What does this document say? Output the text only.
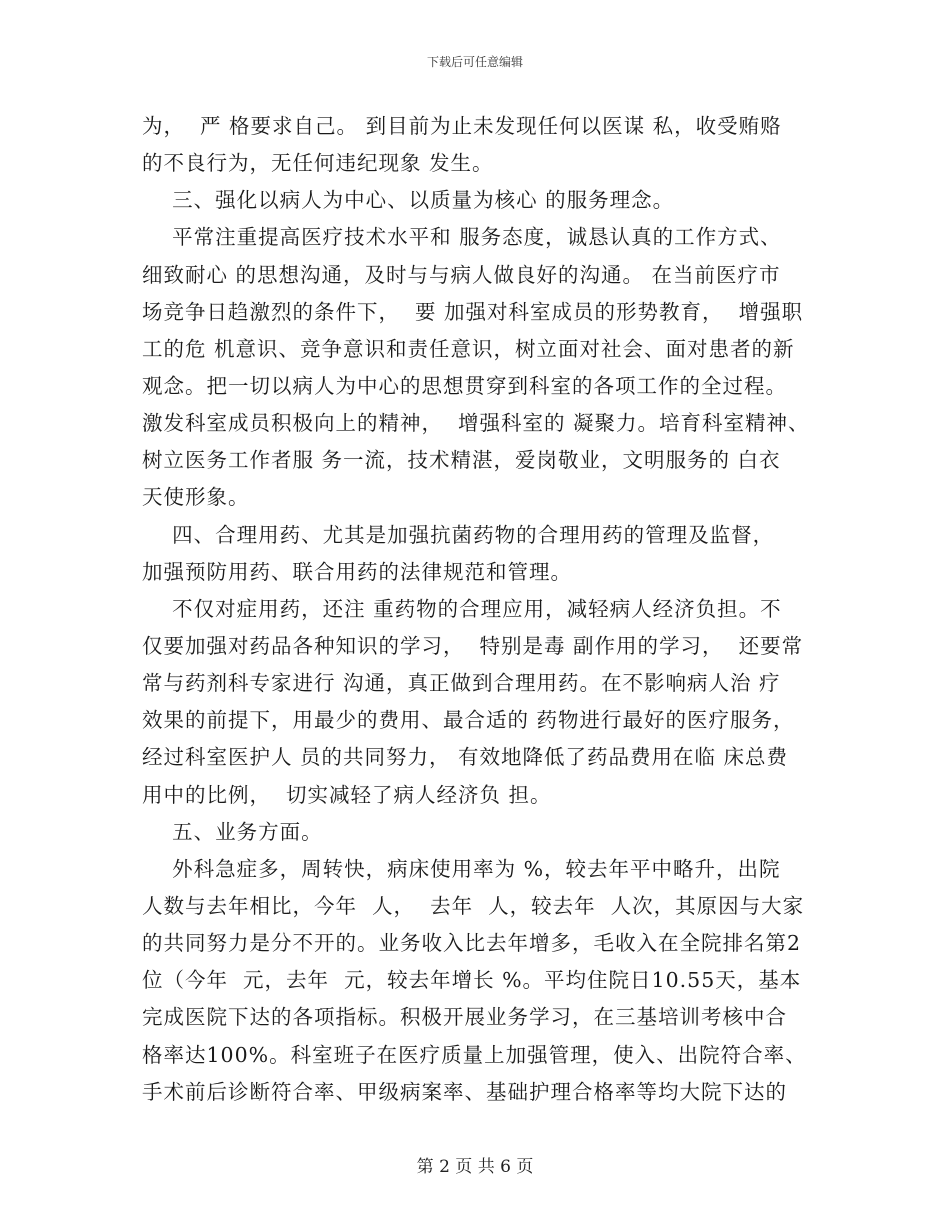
下载后可任意编辑
为，  严 格要求自己。 到目前为止未发现任何以医谋 私，收受贿赂
的不良行为，无任何违纪现象 发生。
三、强化以病人为中心、以质量为核心 的服务理念。
平常注重提高医疗技术水平和 服务态度，诚恳认真的工作方式、
细致耐心 的思想沟通，及时与与病人做良好的沟通。 在当前医疗市
场竞争日趋激烈的条件下，  要 加强对科室成员的形势教育，  增强职
工的危 机意识、竞争意识和责任意识，树立面对社会、面对患者的新
观念。把一切以病人为中心的思想贯穿到科室的各项工作的全过程。
激发科室成员积极向上的精神，  增强科室的 凝聚力。培育科室精神、
树立医务工作者服 务一流，技术精湛，爱岗敬业，文明服务的 白衣
天使形象。
四、合理用药、尤其是加强抗菌药物的合理用药的管理及监督，
加强预防用药、联合用药的法律规范和管理。
不仅对症用药，还注 重药物的合理应用，减轻病人经济负担。不
仅要加强对药品各种知识的学习，  特别是毒 副作用的学习，  还要常
常与药剂科专家进行 沟通，真正做到合理用药。在不影响病人治 疗
效果的前提下，用最少的费用、最合适的 药物进行最好的医疗服务，
经过科室医护人 员的共同努力， 有效地降低了药品费用在临 床总费
用中的比例，  切实减轻了病人经济负 担。
五、业务方面。
外科急症多，周转快，病床使用率为 %，较去年平中略升，出院
人数与去年相比，今年  人，  去年  人，较去年  人次，其原因与大家
的共同努力是分不开的。业务收入比去年增多，毛收入在全院排名第2
位（今年  元，去年  元，较去年增长 %。平均住院日10.55天，基本
完成医院下达的各项指标。积极开展业务学习，在三基培训考核中合
格率达100%。科室班子在医疗质量上加强管理，使入、出院符合率、
手术前后诊断符合率、甲级病案率、基础护理合格率等均大院下达的
第 2 页 共 6 页
